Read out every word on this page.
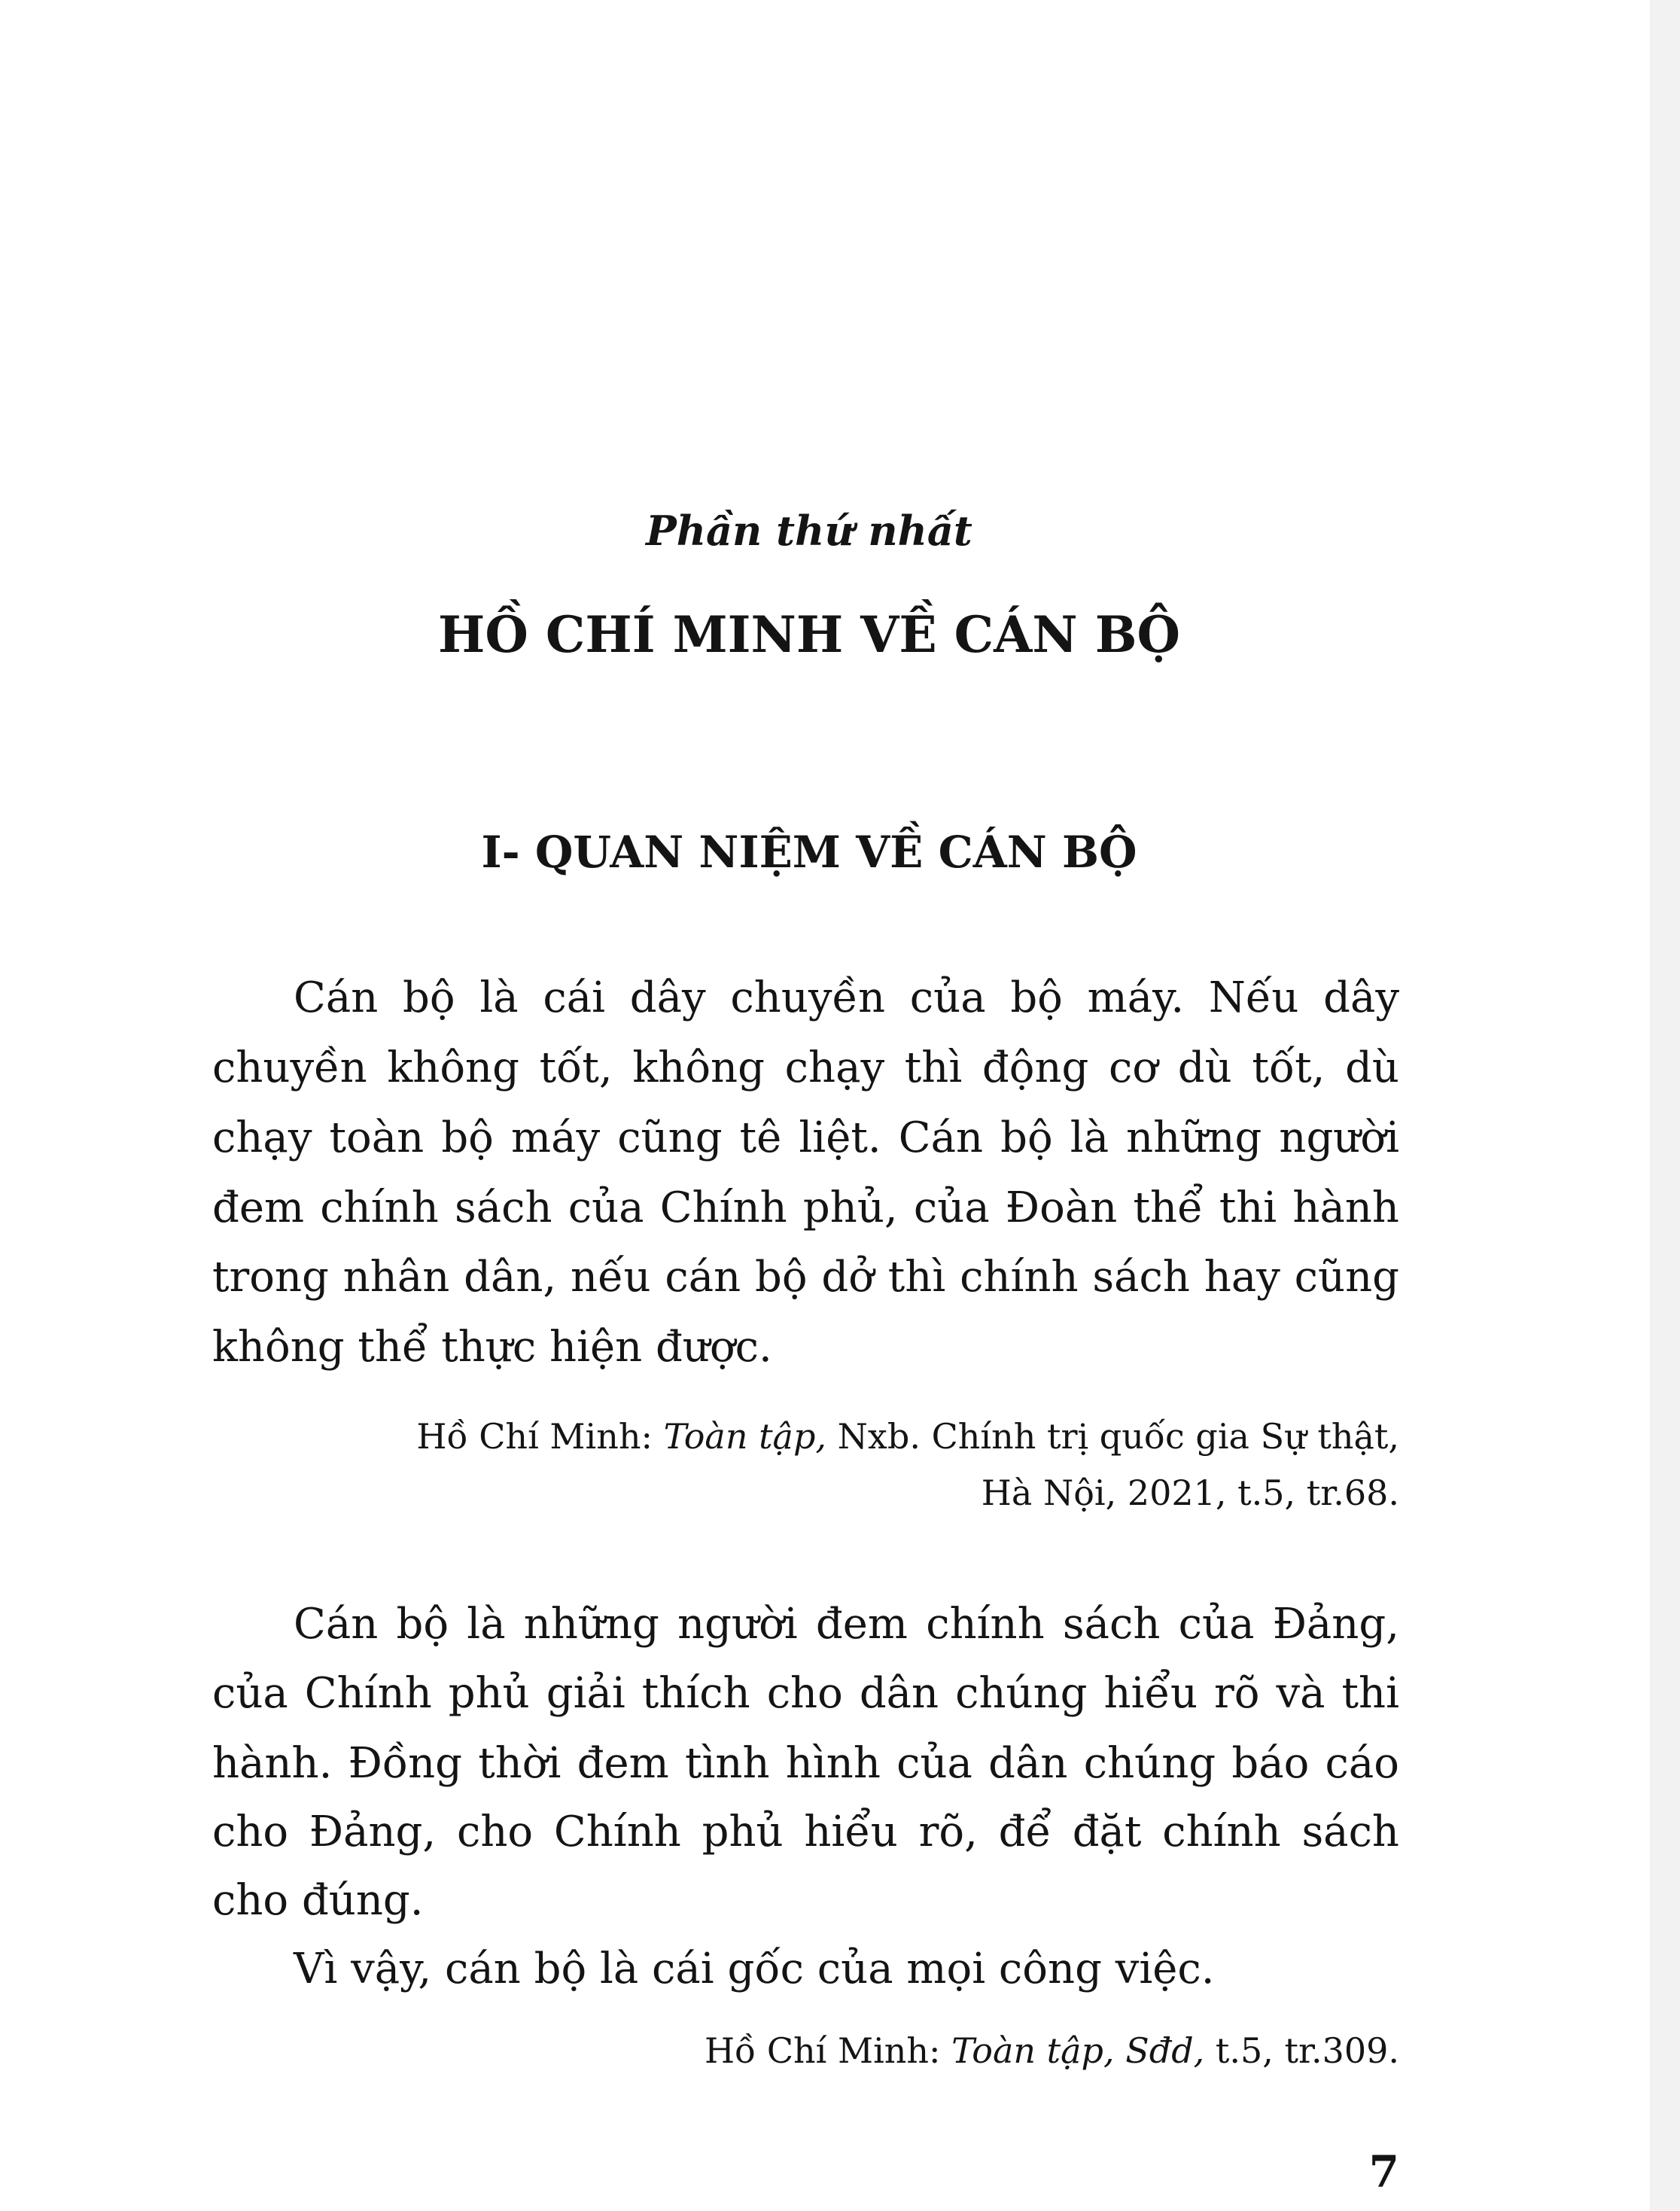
Phần thứ nhất
HỒ CHÍ MINH VỀ CÁN BỘ
I- QUAN NIỆM VỀ CÁN BỘ
Cán bộ là cái dây chuyền của bộ máy. Nếu dây
chuyền không tốt, không chạy thì động cơ dù tốt, dù
chạy toàn bộ máy cũng tê liệt. Cán bộ là những người
đem chính sách của Chính phủ, của Đoàn thể thi hành
trong nhân dân, nếu cán bộ dở thì chính sách hay cũng
không thể thực hiện được.
Hồ Chí Minh: Toàn tập, Nxb. Chính trị quốc gia Sự thật,
Hà Nội, 2021, t.5, tr.68.
Cán bộ là những người đem chính sách của Đảng,
của Chính phủ giải thích cho dân chúng hiểu rõ và thi
hành. Đồng thời đem tình hình của dân chúng báo cáo
cho Đảng, cho Chính phủ hiểu rõ, để đặt chính sách
cho đúng.
Vì vậy, cán bộ là cái gốc của mọi công việc.
Hồ Chí Minh: Toàn tập, Sđd, t.5, tr.309.
7
